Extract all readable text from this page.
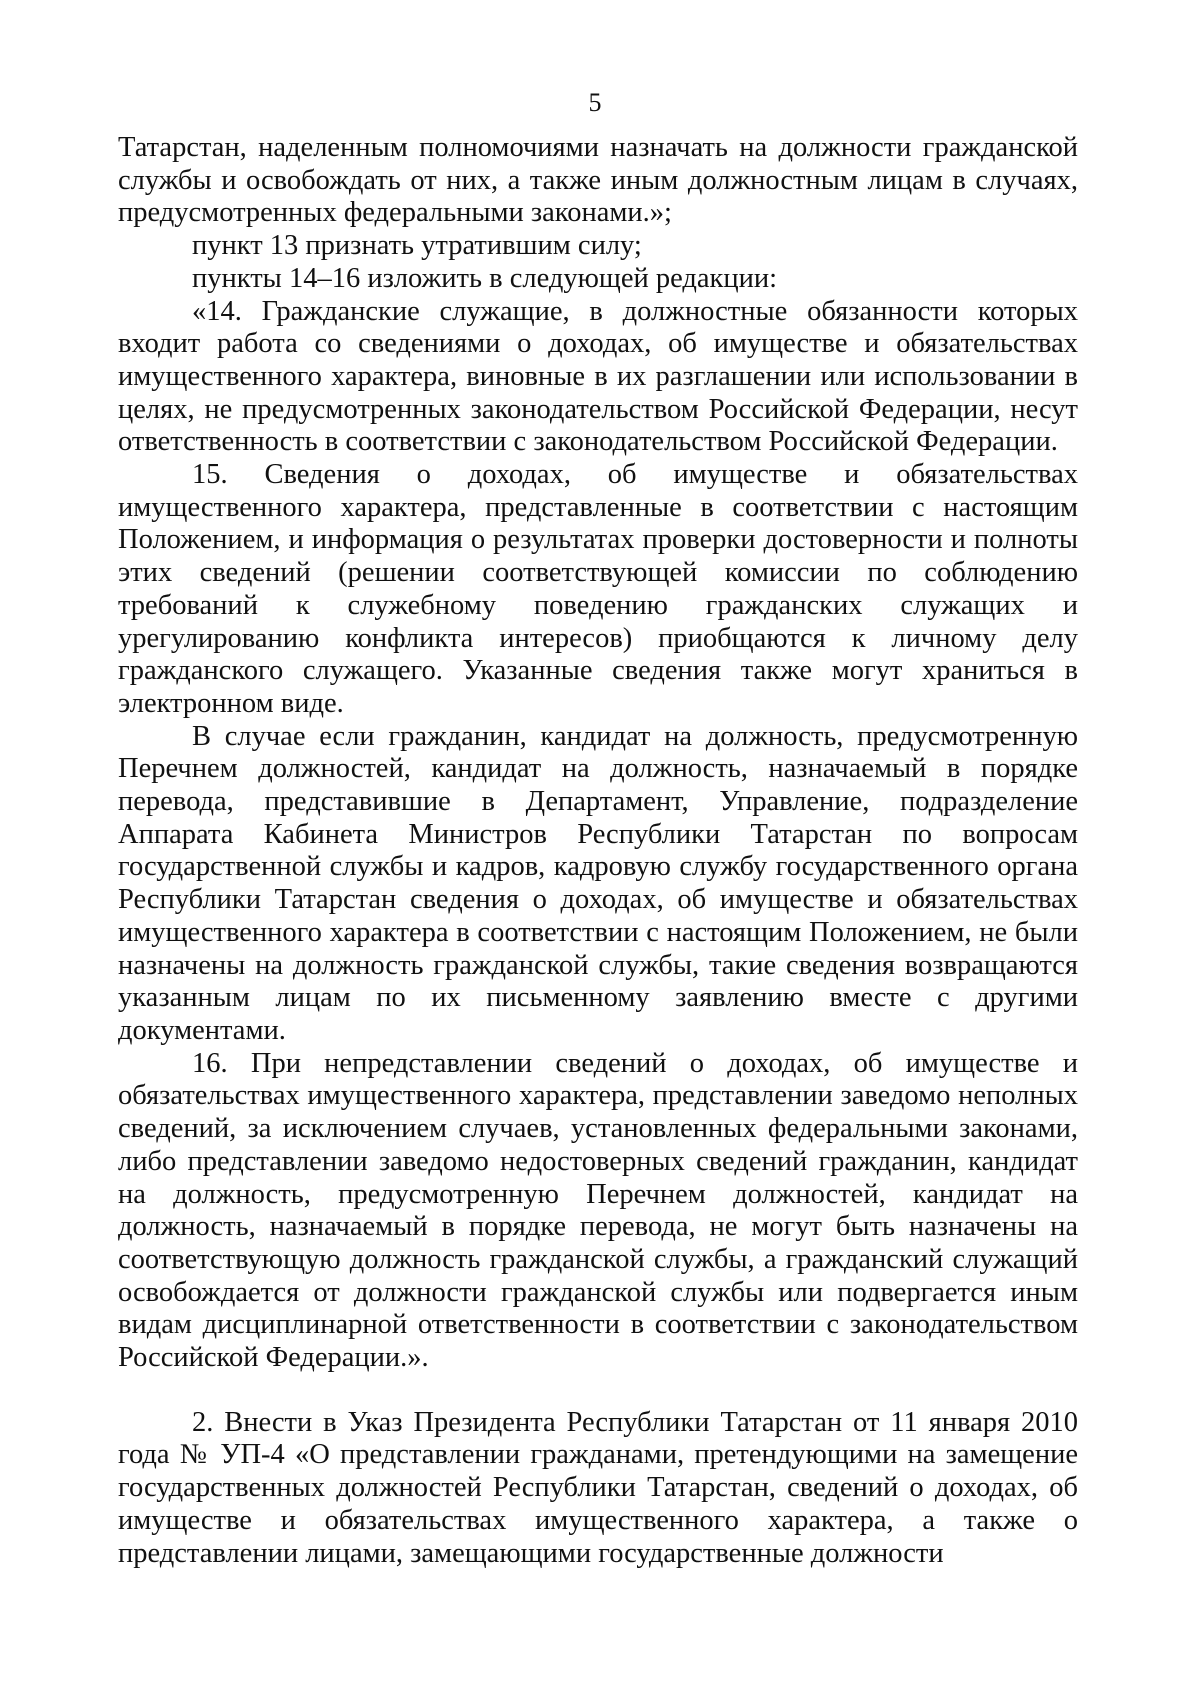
5

Татарстан, наделенным полномочиями назначать на должности гражданской службы и освобождать от них, а также иным должностным лицам в случаях, предусмотренных федеральными законами.»;

пункт 13 признать утратившим силу;

пункты 14–16 изложить в следующей редакции:

«14. Гражданские служащие, в должностные обязанности которых входит работа со сведениями о доходах, об имуществе и обязательствах имущественного характера, виновные в их разглашении или использовании в целях, не предусмотренных законодательством Российской Федерации, несут ответственность в соответствии с законодательством Российской Федерации.

15. Сведения о доходах, об имуществе и обязательствах имущественного характера, представленные в соответствии с настоящим Положением, и информация о результатах проверки достоверности и полноты этих сведений (решении соответствующей комиссии по соблюдению требований к служебному поведению гражданских служащих и урегулированию конфликта интересов) приобщаются к личному делу гражданского служащего. Указанные сведения также могут храниться в электронном виде.

В случае если гражданин, кандидат на должность, предусмотренную Перечнем должностей, кандидат на должность, назначаемый в порядке перевода, представившие в Департамент, Управление, подразделение Аппарата Кабинета Министров Республики Татарстан по вопросам государственной службы и кадров, кадровую службу государственного органа Республики Татарстан сведения о доходах, об имуществе и обязательствах имущественного характера в соответствии с настоящим Положением, не были назначены на должность гражданской службы, такие сведения возвращаются указанным лицам по их письменному заявлению вместе с другими документами.

16. При непредставлении сведений о доходах, об имуществе и обязательствах имущественного характера, представлении заведомо неполных сведений, за исключением случаев, установленных федеральными законами, либо представлении заведомо недостоверных сведений гражданин, кандидат на должность, предусмотренную Перечнем должностей, кандидат на должность, назначаемый в порядке перевода, не могут быть назначены на соответствующую должность гражданской службы, а гражданский служащий освобождается от должности гражданской службы или подвергается иным видам дисциплинарной ответственности в соответствии с законодательством Российской Федерации.».

2. Внести в Указ Президента Республики Татарстан от 11 января 2010 года № УП-4 «О представлении гражданами, претендующими на замещение государственных должностей Республики Татарстан, сведений о доходах, об имуществе и обязательствах имущественного характера, а также о представлении лицами, замещающими государственные должности
